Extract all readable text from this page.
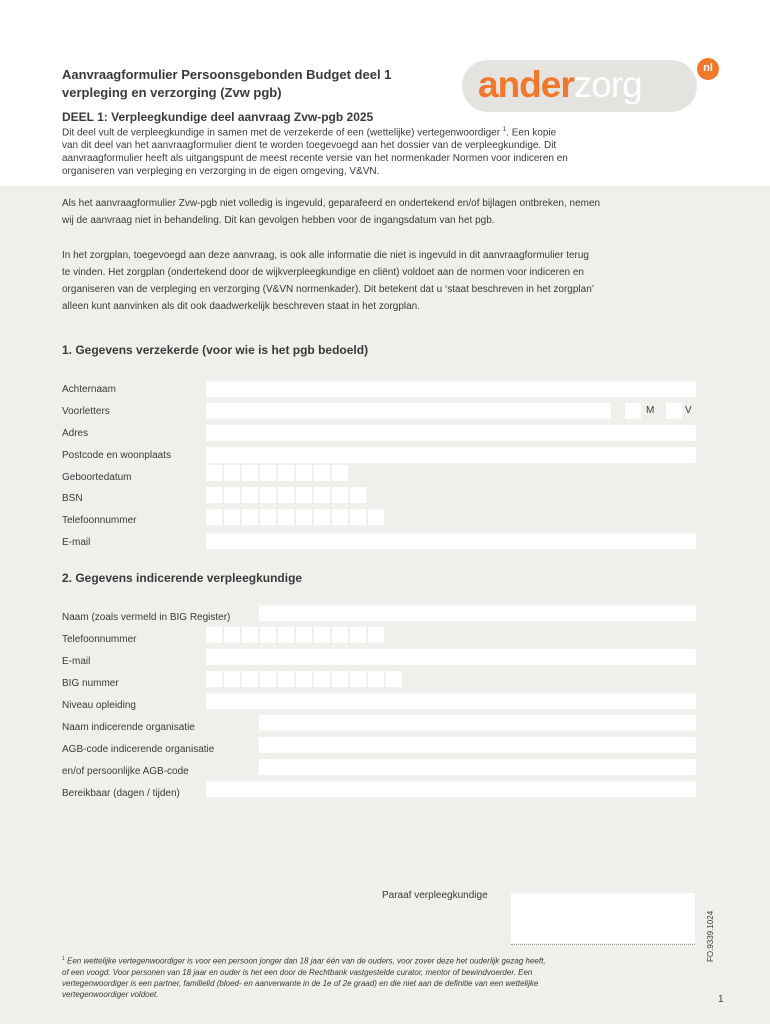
Aanvraagformulier Persoonsgebonden Budget deel 1
verpleging en verzorging (Zvw pgb)	anderzorg	nl
DEEL 1: Verpleegkundige deel aanvraag Zvw-pgb 2025

Dit deel vult de verpleegkundige in samen met de verzekerde of een (wettelijke) vertegenwoordiger $^1$. Een kopie

van dit deel van het aanvraagformulier dient te worden toegevoegd aan het dossier van de verpleegkundige. Dit

aanvraagformulier heeft als uitgangspunt de meest recente versie van het normenkader Normen voor indiceren en

organiseren van verpleging en verzorging in de eigen omgeving, V&VN.

Als het aanvraagformulier Zvw-pgb niet volledig is ingevuld, geparafeerd en ondertekend en/of bijlagen ontbreken, nemen

wij de aanvraag niet in behandeling. Dit kan gevolgen hebben voor de ingangsdatum van het pgb.

In het zorgplan, toegevoegd aan deze aanvraag, is ook alle informatie die niet is ingevuld in dit aanvraagformulier terug

te vinden. Het zorgplan (ondertekend door de wijkverpleegkundige en cliënt) voldoet aan de normen voor indiceren en

organiseren van de verpleging en verzorging (V&VN normenkader). Dit betekent dat u ‘staat beschreven in het zorgplan’

alleen kunt aanvinken als dit ook daadwerkelijk beschreven staat in het zorgplan.

1. Gegevens verzekerde (voor wie is het pgb bedoeld)
Achternaam
Voorletters	M	V
Adres
Postcode en woonplaats
Geboortedatum
BSN
Telefoonnummer
E-mail
2. Gegevens indicerende verpleegkundige
Naam (zoals vermeld in BIG Register)
Telefoonnummer
E-mail
BIG nummer
Niveau opleiding
Naam indicerende organisatie
AGB-code indicerende organisatie
en/of persoonlijke AGB-code
Bereikbaar (dagen / tijden)
Paraaf verpleegkundige

$^1$ Een wettelijke vertegenwoordiger is voor een persoon jonger dan 18 jaar één van de ouders, voor zover deze het ouderlijk gezag heeft,

of een voogd. Voor personen van 18 jaar en ouder is het een door de Rechtbank vastgestelde curator, mentor of bewindvoerder. Een

vertegenwoordiger is een partner, familielid (bloed- en aanverwante in de 1e of 2e graad) en die niet aan de definitie van een wettelijke

vertegenwoordiger voldoet.

FO.9339.1024
1
